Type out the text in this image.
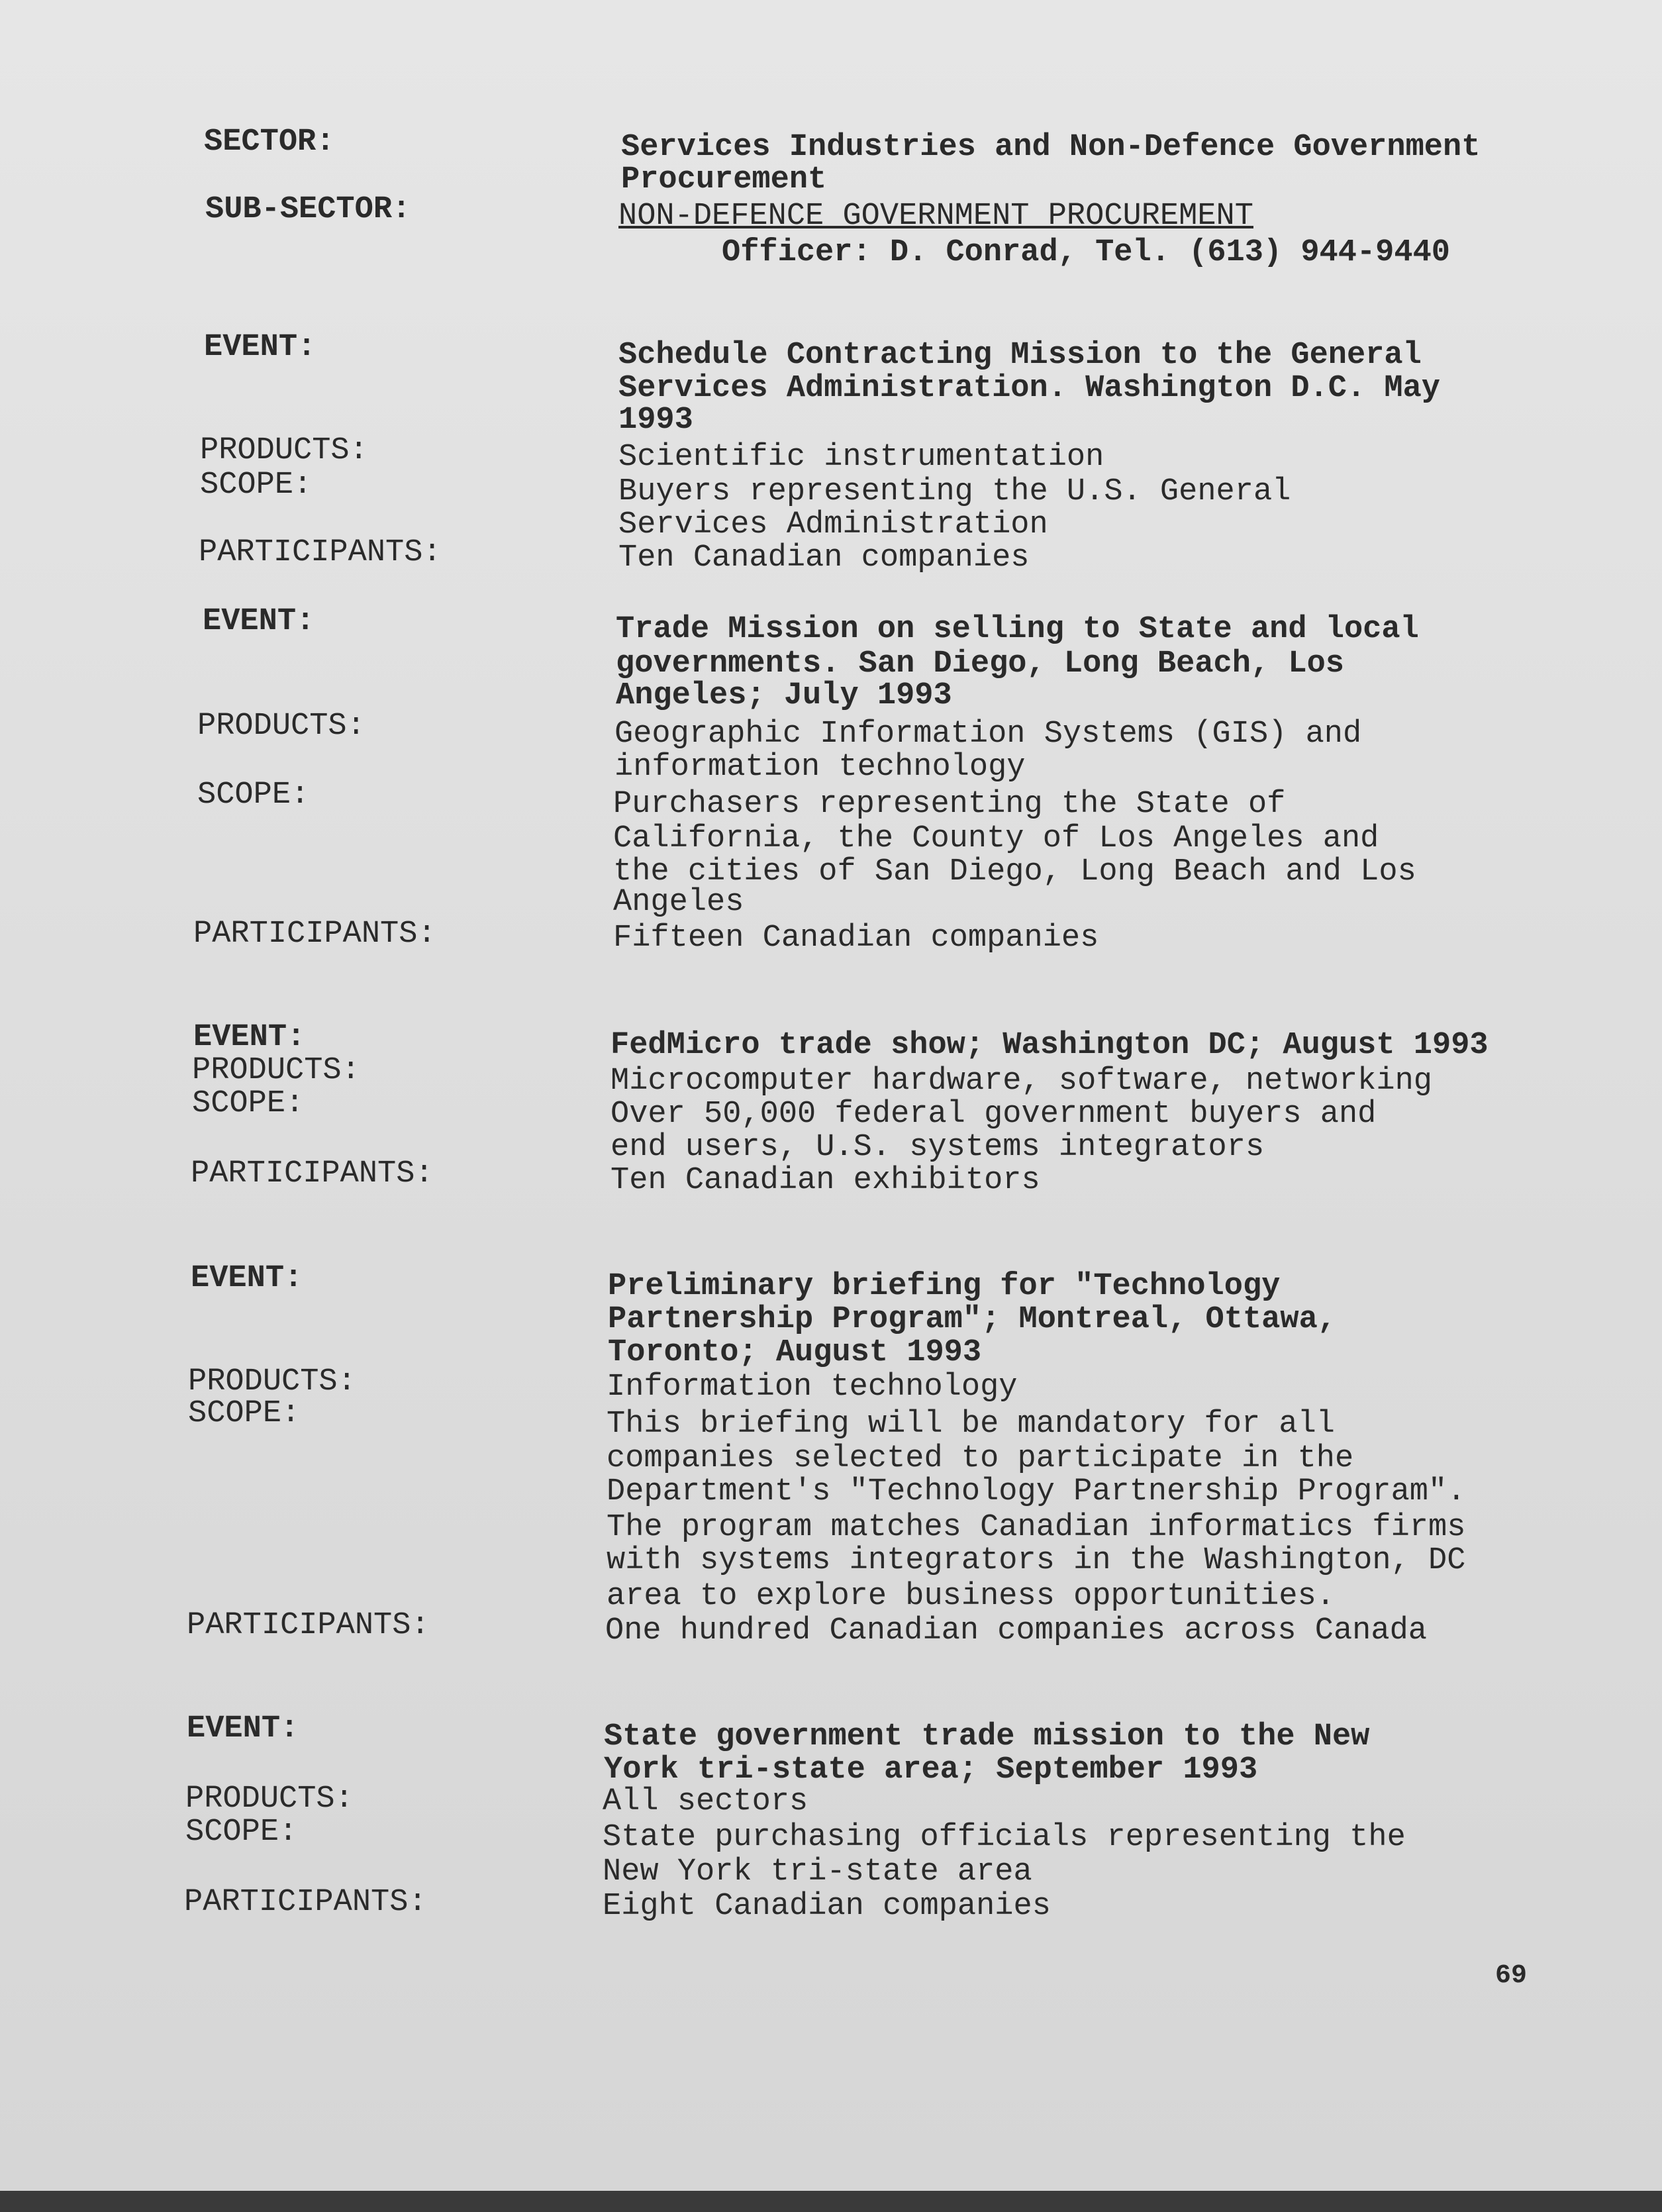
SECTOR:	Services Industries and Non-Defence Government
Procurement
SUB-SECTOR:	NON-DEFENCE GOVERNMENT PROCUREMENT
Officer: D. Conrad, Tel. (613) 944-9440
EVENT:	Schedule Contracting Mission to the General
Services Administration. Washington D.C. May
1993
PRODUCTS:	Scientific instrumentation
SCOPE:	Buyers representing the U.S. General
Services Administration
PARTICIPANTS:	Ten Canadian companies
EVENT:	Trade Mission on selling to State and local
governments. San Diego, Long Beach, Los
Angeles; July 1993
PRODUCTS:	Geographic Information Systems (GIS) and
information technology
SCOPE:	Purchasers representing the State of
California, the County of Los Angeles and
the cities of San Diego, Long Beach and Los
Angeles
PARTICIPANTS:	Fifteen Canadian companies
EVENT:	FedMicro trade show; Washington DC; August 1993
PRODUCTS:	Microcomputer hardware, software, networking
SCOPE:	Over 50,000 federal government buyers and
end users, U.S. systems integrators
PARTICIPANTS:	Ten Canadian exhibitors
EVENT:	Preliminary briefing for "Technology
Partnership Program"; Montreal, Ottawa,
Toronto; August 1993
PRODUCTS:	Information technology
SCOPE:	This briefing will be mandatory for all
companies selected to participate in the
Department's "Technology Partnership Program".
The program matches Canadian informatics firms
with systems integrators in the Washington, DC
area to explore business opportunities.
PARTICIPANTS:	One hundred Canadian companies across Canada
EVENT:	State government trade mission to the New
York tri-state area; September 1993
PRODUCTS:	All sectors
SCOPE:	State purchasing officials representing the
New York tri-state area
PARTICIPANTS:	Eight Canadian companies
69
